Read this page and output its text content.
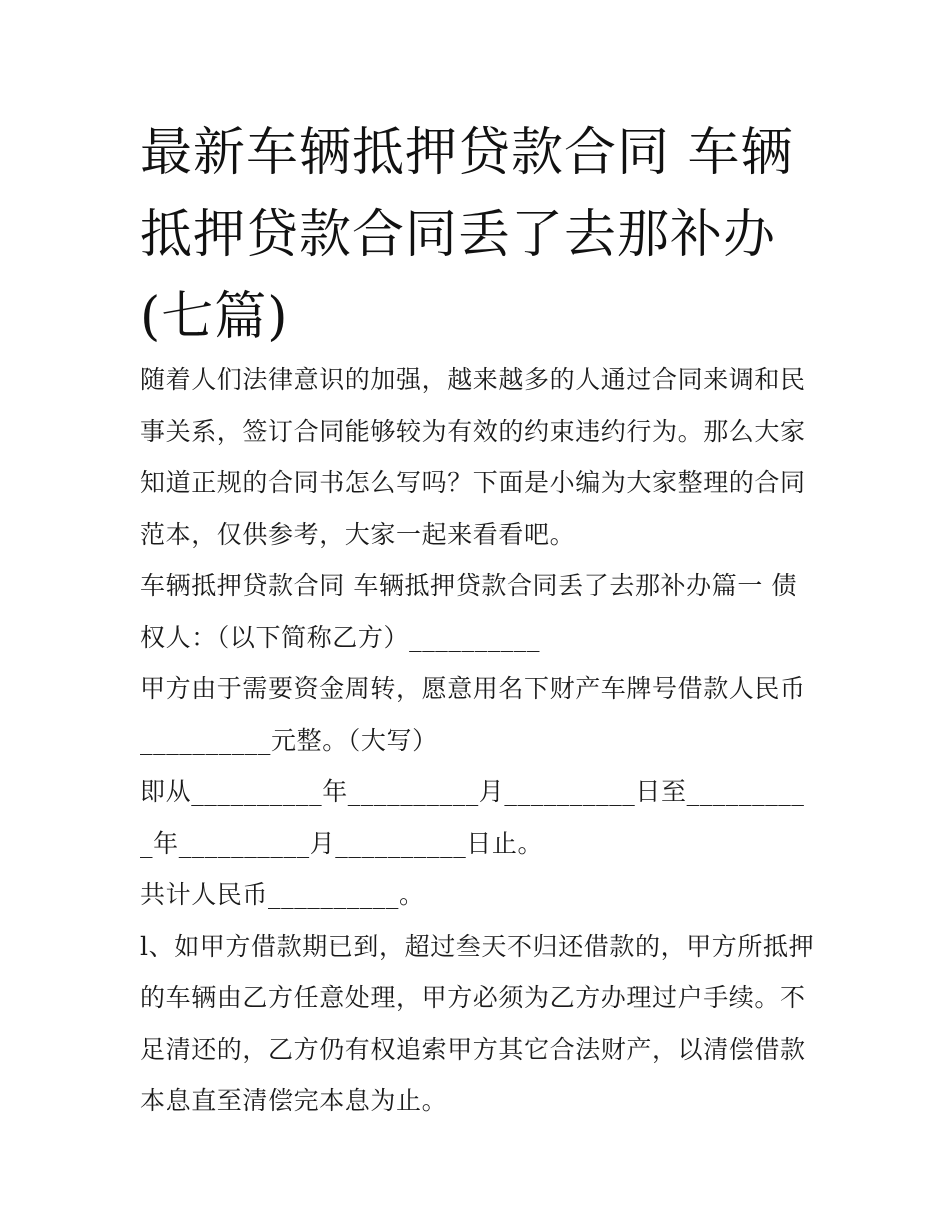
最新车辆抵押贷款合同 车辆抵押贷款合同丢了去那补办(七篇)

随着人们法律意识的加强，越来越多的人通过合同来调和民事关系，签订合同能够较为有效的约束违约行为。那么大家知道正规的合同书怎么写吗？下面是小编为大家整理的合同范本，仅供参考，大家一起来看看吧。

车辆抵押贷款合同 车辆抵押贷款合同丢了去那补办篇一 债权人：（以下简称乙方）__________

甲方由于需要资金周转，愿意用名下财产车牌号借款人民币__________元整。（大写）

即从__________年__________月__________日至__________年__________月__________日止。

共计人民币__________。

l、如甲方借款期已到，超过叁天不归还借款的，甲方所抵押的车辆由乙方任意处理，甲方必须为乙方办理过户手续。不足清还的，乙方仍有权追索甲方其它合法财产，以清偿借款本息直至清偿完本息为止。
